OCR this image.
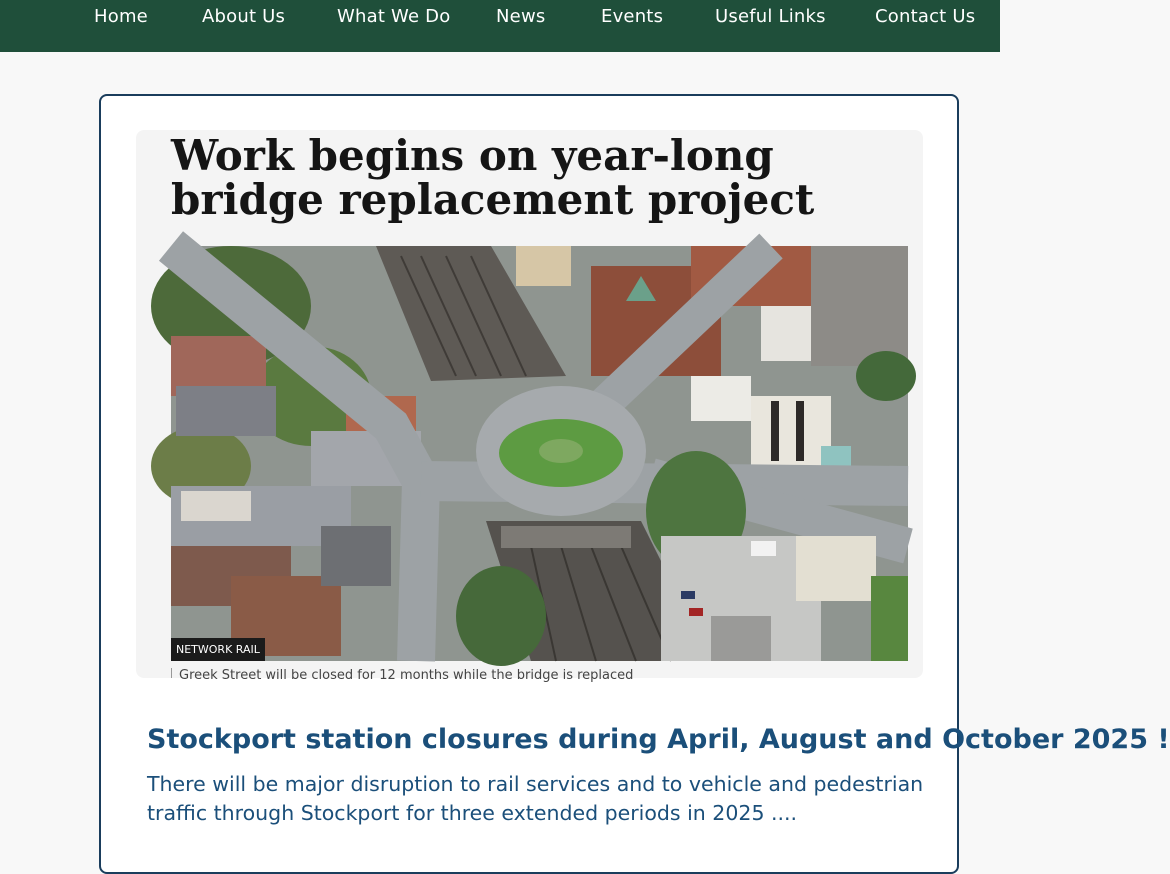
Home	About Us	What We Do	News	Events	Useful Links	Contact Us
Work begins on year-long bridge replacement project
NETWORK RAIL
Greek Street will be closed for 12 months while the bridge is replaced
Stockport station closures during April, August and October 2025 !

There will be major disruption to rail services and to vehicle and pedestrian traffic through Stockport for three extended periods in 2025 ....
